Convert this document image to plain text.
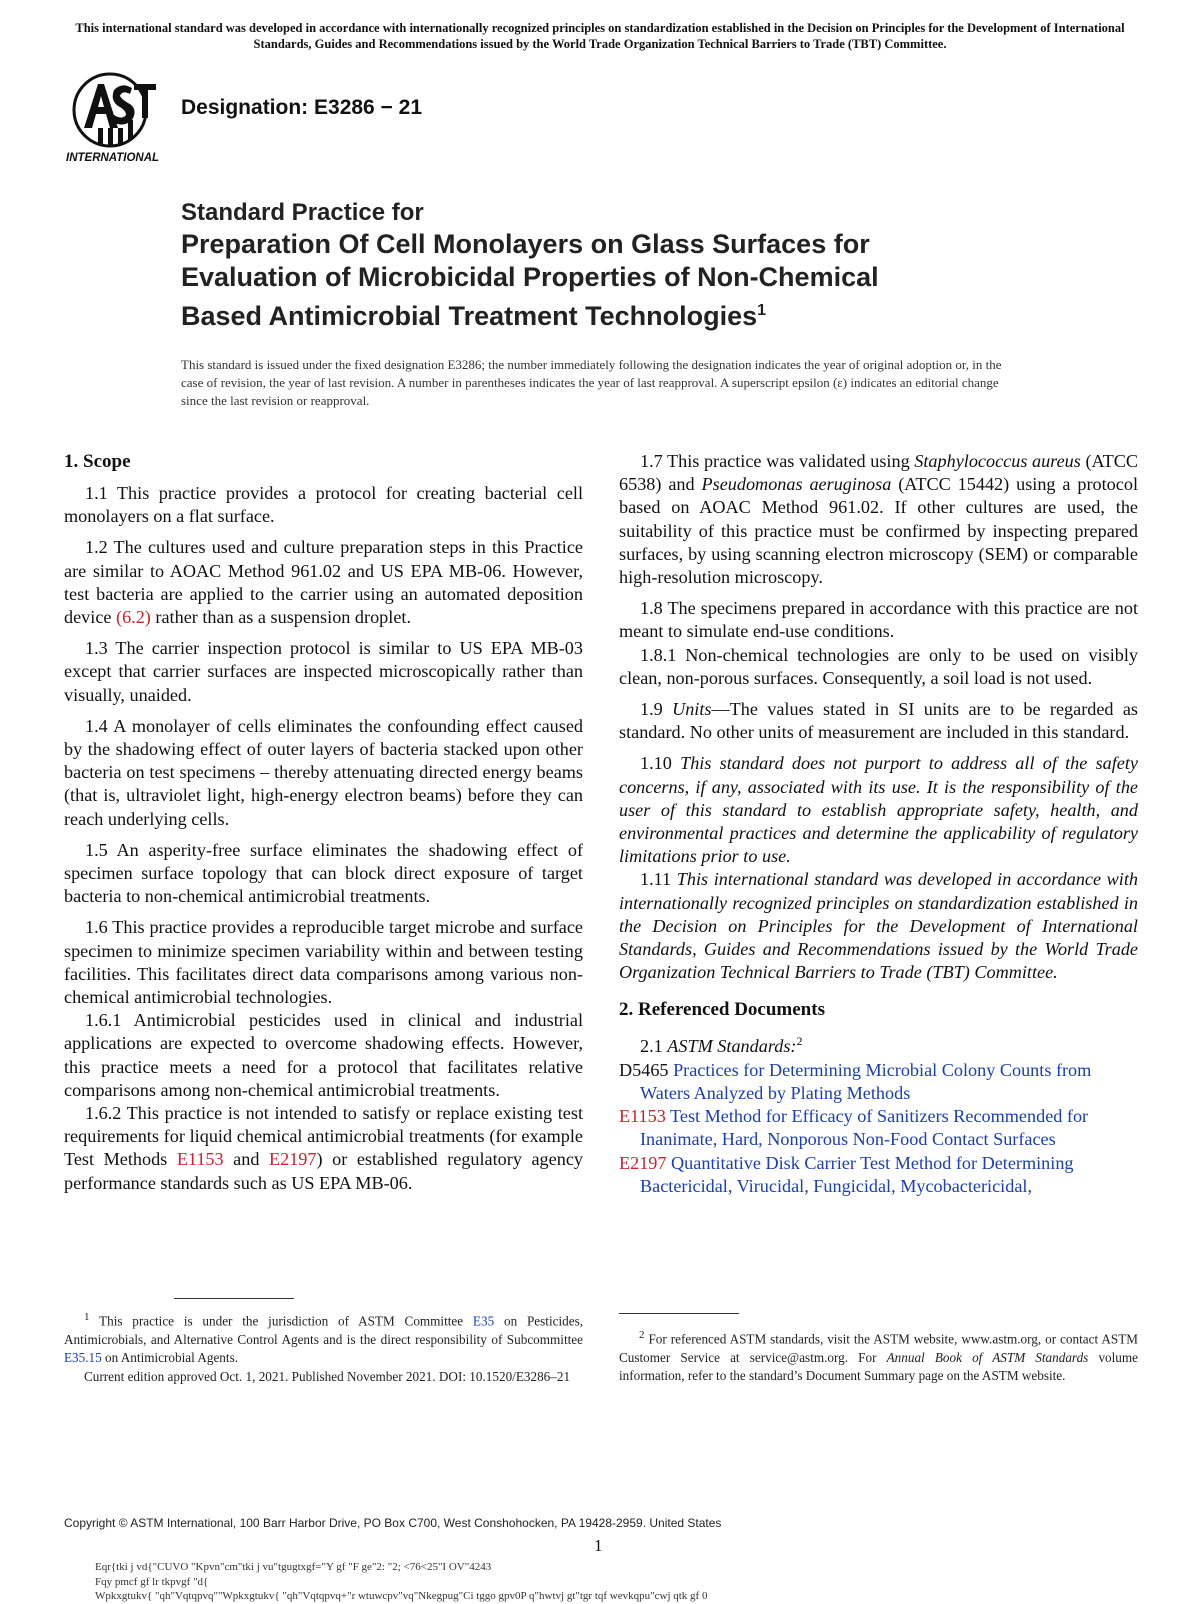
This international standard was developed in accordance with internationally recognized principles on standardization established in the Decision on Principles for the Development of International Standards, Guides and Recommendations issued by the World Trade Organization Technical Barriers to Trade (TBT) Committee.
INTERNATIONAL
Designation: E3286 − 21
Standard Practice for
Preparation Of Cell Monolayers on Glass Surfaces for
Evaluation of Microbicidal Properties of Non-Chemical
Based Antimicrobial Treatment Technologies$^1$
This standard is issued under the fixed designation E3286; the number immediately following the designation indicates the year of original adoption or, in the case of revision, the year of last revision. A number in parentheses indicates the year of last reapproval. A superscript epsilon (ε) indicates an editorial change since the last revision or reapproval.
1. Scope

1.1 This practice provides a protocol for creating bacterial cell monolayers on a flat surface.

1.2 The cultures used and culture preparation steps in this Practice are similar to AOAC Method 961.02 and US EPA MB-06. However, test bacteria are applied to the carrier using an automated deposition device (6.2) rather than as a suspension droplet.

1.3 The carrier inspection protocol is similar to US EPA MB-03 except that carrier surfaces are inspected microscopically rather than visually, unaided.

1.4 A monolayer of cells eliminates the confounding effect caused by the shadowing effect of outer layers of bacteria stacked upon other bacteria on test specimens – thereby attenuating directed energy beams (that is, ultraviolet light, high-energy electron beams) before they can reach underlying cells.

1.5 An asperity-free surface eliminates the shadowing effect of specimen surface topology that can block direct exposure of target bacteria to non-chemical antimicrobial treatments.

1.6 This practice provides a reproducible target microbe and surface specimen to minimize specimen variability within and between testing facilities. This facilitates direct data comparisons among various non-chemical antimicrobial technologies.

1.6.1 Antimicrobial pesticides used in clinical and industrial applications are expected to overcome shadowing effects. However, this practice meets a need for a protocol that facilitates relative comparisons among non-chemical antimicrobial treatments.

1.6.2 This practice is not intended to satisfy or replace existing test requirements for liquid chemical antimicrobial treatments (for example Test Methods E1153 and E2197) or established regulatory agency performance standards such as US EPA MB-06.

1.7 This practice was validated using Staphylococcus aureus (ATCC 6538) and Pseudomonas aeruginosa (ATCC 15442) using a protocol based on AOAC Method 961.02. If other cultures are used, the suitability of this practice must be confirmed by inspecting prepared surfaces, by using scanning electron microscopy (SEM) or comparable high-resolution microscopy.

1.8 The specimens prepared in accordance with this practice are not meant to simulate end-use conditions.

1.8.1 Non-chemical technologies are only to be used on visibly clean, non-porous surfaces. Consequently, a soil load is not used.

1.9 Units—The values stated in SI units are to be regarded as standard. No other units of measurement are included in this standard.

1.10 This standard does not purport to address all of the safety concerns, if any, associated with its use. It is the responsibility of the user of this standard to establish appropriate safety, health, and environmental practices and determine the applicability of regulatory limitations prior to use.

1.11 This international standard was developed in accordance with internationally recognized principles on standardization established in the Decision on Principles for the Development of International Standards, Guides and Recommendations issued by the World Trade Organization Technical Barriers to Trade (TBT) Committee.

2. Referenced Documents

2.1 ASTM Standards:$^2$

D5465 Practices for Determining Microbial Colony Counts from Waters Analyzed by Plating Methods
E1153 Test Method for Efficacy of Sanitizers Recommended for Inanimate, Hard, Nonporous Non-Food Contact Surfaces
E2197 Quantitative Disk Carrier Test Method for Determining Bactericidal, Virucidal, Fungicidal, Mycobactericidal,

$^1$ This practice is under the jurisdiction of ASTM Committee E35 on Pesticides, Antimicrobials, and Alternative Control Agents and is the direct responsibility of Subcommittee E35.15 on Antimicrobial Agents.

Current edition approved Oct. 1, 2021. Published November 2021. DOI: 10.1520/E3286–21

$^2$ For referenced ASTM standards, visit the ASTM website, www.astm.org, or contact ASTM Customer Service at service@astm.org. For Annual Book of ASTM Standards volume information, refer to the standard’s Document Summary page on the ASTM website.

Copyright © ASTM International, 100 Barr Harbor Drive, PO Box C700, West Conshohocken, PA 19428-2959. United States
1
Eqr{tki j vd{"CUVO "Kpvn"cm"tki j vu"tgugtxgf="Y gf "F ge"2: "2; <76<25"I OV"4243
Fqy pmcf gf lr tkpvgf "d{
Wpkxgtukv{ "qh"Vqtqpvq""Wpkxgtukv{ "qh"Vqtqpvq+"r wtuwcpv"vq"Nkegpug"Ci tggo gpv0P q"hwtvj gt"tgr tqf wevkqpu"cwj qtk gf 0
